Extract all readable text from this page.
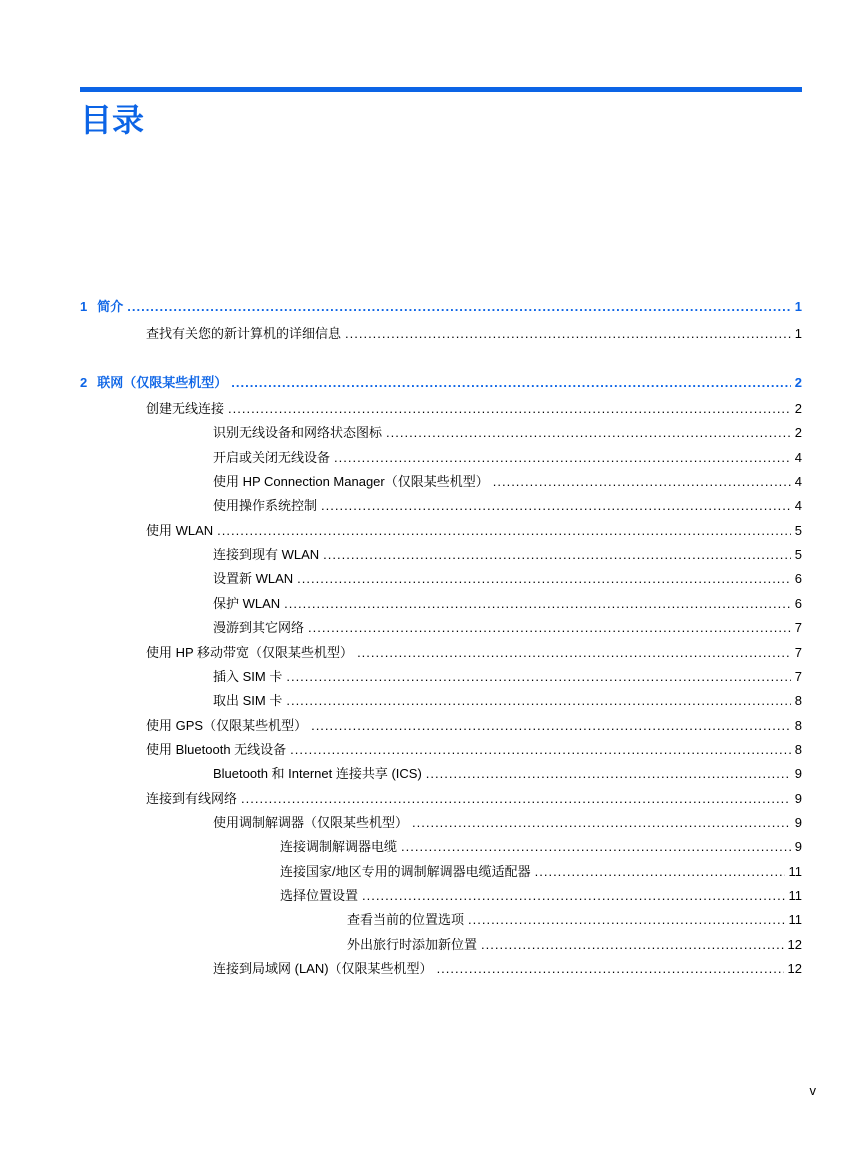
目录
1 简介 .....	1
查找有关您的新计算机的详细信息 .....	1
2 联网（仅限某些机型） .....	2
创建无线连接 .....	2
识别无线设备和网络状态图标 .....	2
开启或关闭无线设备 .....	4
使用 HP Connection Manager（仅限某些机型） .....	4
使用操作系统控制 .....	4
使用 WLAN .....	5
连接到现有 WLAN .....	5
设置新 WLAN .....	6
保护 WLAN .....	6
漫游到其它网络 .....	7
使用 HP 移动带宽（仅限某些机型） .....	7
插入 SIM 卡 .....	7
取出 SIM 卡 .....	8
使用 GPS（仅限某些机型） .....	8
使用 Bluetooth 无线设备 .....	8
Bluetooth 和 Internet 连接共享 (ICS) .....	9
连接到有线网络 .....	9
使用调制解调器（仅限某些机型） .....	9
连接调制解调器电缆 .....	9
连接国家/地区专用的调制解调器电缆适配器 .....	11
选择位置设置 .....	11
查看当前的位置选项 .....	11
外出旅行时添加新位置 .....	12
连接到局域网 (LAN)（仅限某些机型） .....	12
v
